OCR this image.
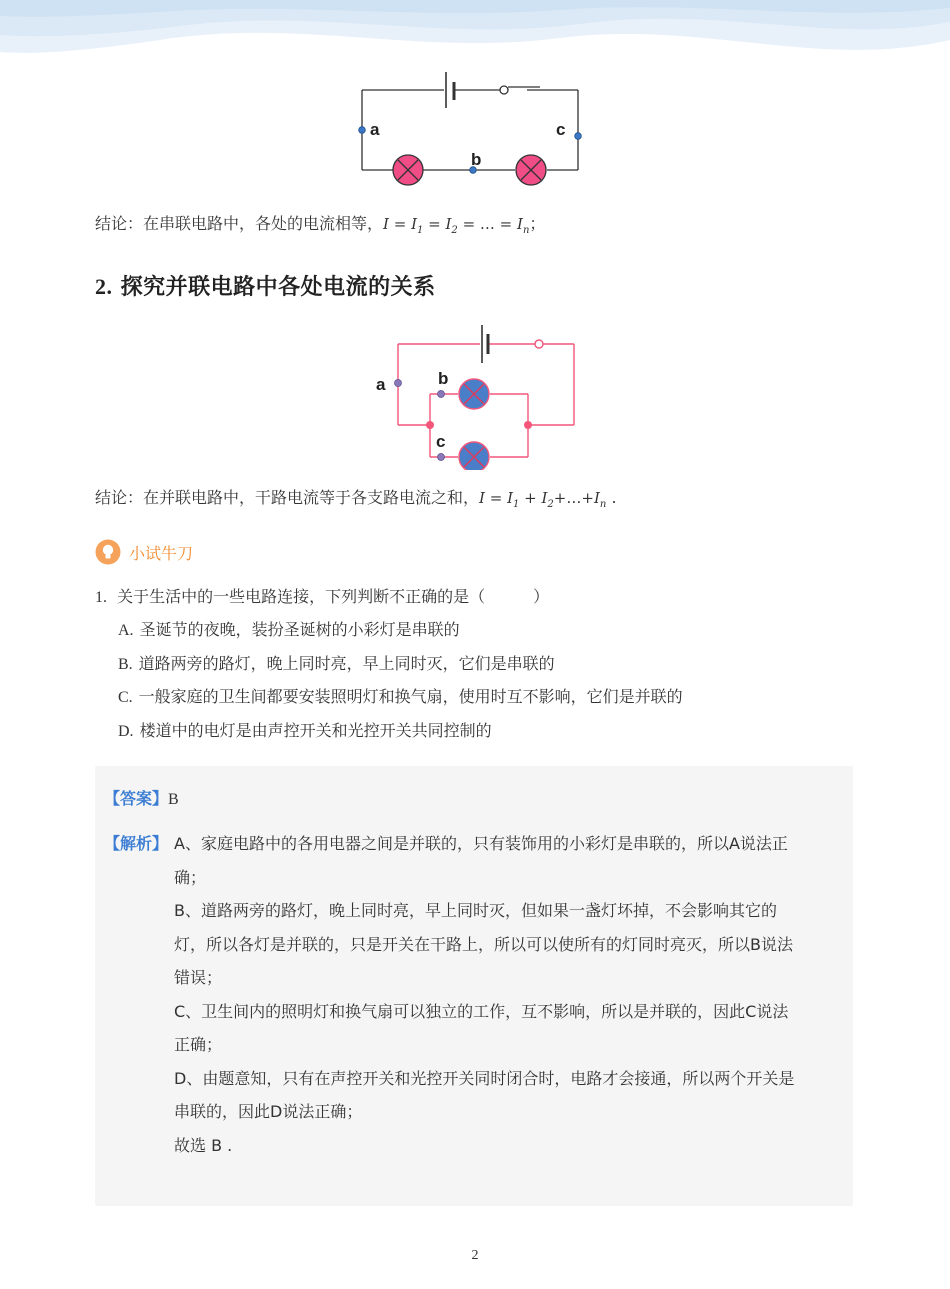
a
b
c
结论：在串联电路中，各处的电流相等，$I = I_1 = I_2$ = … = $I_n$；
2. 探究并联电路中各处电流的关系
a	b
c
结论：在并联电路中，干路电流等于各支路电流之和，$I = I_1$ + $I_2+\dots+I_n$ .
小试牛刀
1. 关于生活中的一些电路连接，下列判断不正确的是（　　　）
A. 圣诞节的夜晚，装扮圣诞树的小彩灯是串联的
B. 道路两旁的路灯，晚上同时亮，早上同时灭，它们是串联的
C. 一般家庭的卫生间都要安装照明灯和换气扇，使用时互不影响，它们是并联的
D. 楼道中的电灯是由声控开关和光控开关共同控制的
【答案】B
【解析】 A、家庭电路中的各用电器之间是并联的，只有装饰用的小彩灯是串联的，所以A说法正
确；
B、道路两旁的路灯，晚上同时亮，早上同时灭，但如果一盏灯坏掉，不会影响其它的
灯，所以各灯是并联的，只是开关在干路上，所以可以使所有的灯同时亮灭，所以B说法
错误；
C、卫生间内的照明灯和换气扇可以独立的工作，互不影响，所以是并联的，因此C说法
正确；
D、由题意知，只有在声控开关和光控开关同时闭合时，电路才会接通，所以两个开关是
串联的，因此D说法正确；
故选 B .
2
